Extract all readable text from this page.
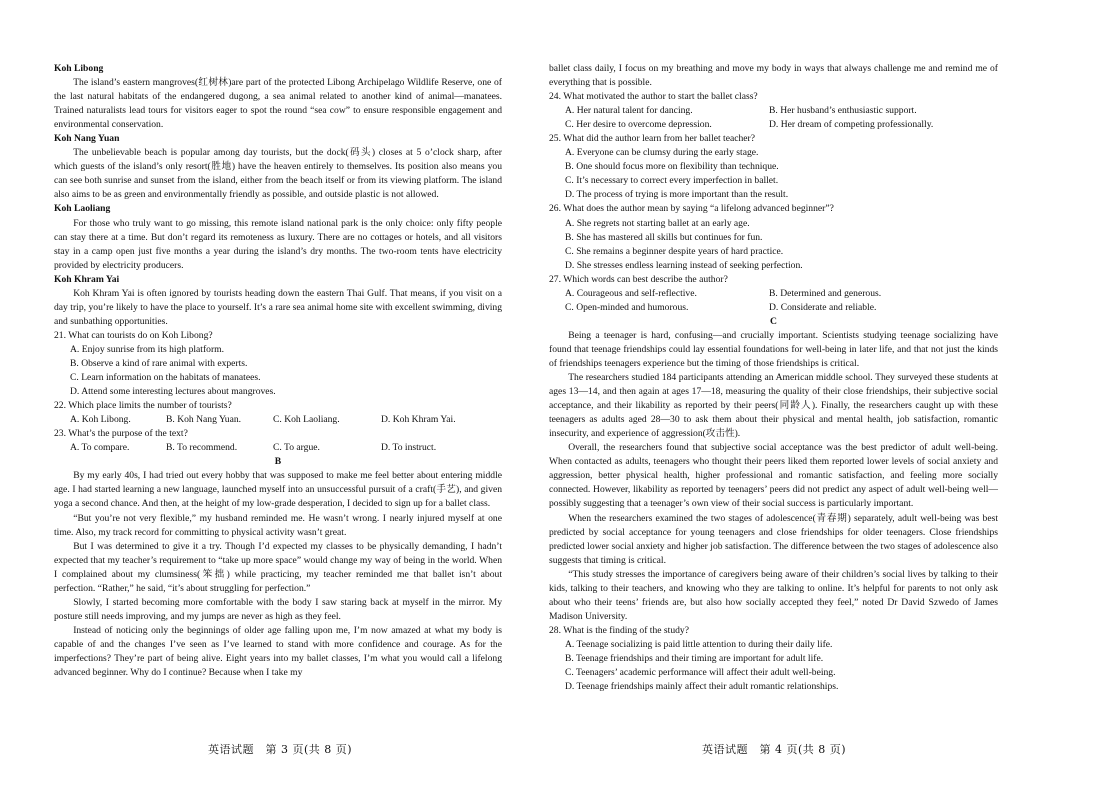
Koh Libong

The island’s eastern mangroves(红树林)are part of the protected Libong Archipelago Wildlife Reserve, one of the last natural habitats of the endangered dugong, a sea animal related to another kind of animal—manatees. Trained naturalists lead tours for visitors eager to spot the round “sea cow” to ensure responsible engagement and environmental conservation.

Koh Nang Yuan

The unbelievable beach is popular among day tourists, but the dock(码头) closes at 5 o’clock sharp, after which guests of the island’s only resort(胜地) have the heaven entirely to themselves. Its position also means you can see both sunrise and sunset from the island, either from the beach itself or from its viewing platform. The island also aims to be as green and environmentally friendly as possible, and outside plastic is not allowed.

Koh Laoliang

For those who truly want to go missing, this remote island national park is the only choice: only fifty people can stay there at a time. But don’t regard its remoteness as luxury. There are no cottages or hotels, and all visitors stay in a camp open just five months a year during the island’s dry months. The two-room tents have electricity provided by electricity producers.

Koh Khram Yai

Koh Khram Yai is often ignored by tourists heading down the eastern Thai Gulf. That means, if you visit on a day trip, you’re likely to have the place to yourself. It’s a rare sea animal home site with excellent swimming, diving and sunbathing opportunities.

21. What can tourists do on Koh Libong?

A. Enjoy sunrise from its high platform.

B. Observe a kind of rare animal with experts.

C. Learn information on the habitats of manatees.

D. Attend some interesting lectures about mangroves.

22. Which place limits the number of tourists?

A. Koh Libong.	B. Koh Nang Yuan.	C. Koh Laoliang.	D. Koh Khram Yai.

23. What’s the purpose of the text?

A. To compare.	B. To recommend.	C. To argue.	D. To instruct.

B

By my early 40s, I had tried out every hobby that was supposed to make me feel better about entering middle age. I had started learning a new language, launched myself into an unsuccessful pursuit of a craft(手艺), and given yoga a second chance. And then, at the height of my low-grade desperation, I decided to sign up for a ballet class.

“But you’re not very flexible,” my husband reminded me. He wasn’t wrong. I nearly injured myself at one time. Also, my track record for committing to physical activity wasn’t great.

But I was determined to give it a try. Though I’d expected my classes to be physically demanding, I hadn’t expected that my teacher’s requirement to “take up more space” would change my way of being in the world. When I complained about my clumsiness(笨拙) while practicing, my teacher reminded me that ballet isn’t about perfection. “Rather,” he said, “it’s about struggling for perfection.”

Slowly, I started becoming more comfortable with the body I saw staring back at myself in the mirror. My posture still needs improving, and my jumps are never as high as they feel.

Instead of noticing only the beginnings of older age falling upon me, I’m now amazed at what my body is capable of and the changes I’ve seen as I’ve learned to stand with more confidence and courage. As for the imperfections? They’re part of being alive. Eight years into my ballet classes, I’m what you would call a lifelong advanced beginner. Why do I continue? Because when I take my

ballet class daily, I focus on my breathing and move my body in ways that always challenge me and remind me of everything that is possible.

24. What motivated the author to start the ballet class?

A. Her natural talent for dancing.	B. Her husband’s enthusiastic support.
C. Her desire to overcome depression.	D. Her dream of competing professionally.

25. What did the author learn from her ballet teacher?

A. Everyone can be clumsy during the early stage.

B. One should focus more on flexibility than technique.

C. It’s necessary to correct every imperfection in ballet.

D. The process of trying is more important than the result.

26. What does the author mean by saying “a lifelong advanced beginner”?

A. She regrets not starting ballet at an early age.

B. She has mastered all skills but continues for fun.

C. She remains a beginner despite years of hard practice.

D. She stresses endless learning instead of seeking perfection.

27. Which words can best describe the author?

A. Courageous and self-reflective.	B. Determined and generous.
C. Open-minded and humorous.	D. Considerate and reliable.

C

Being a teenager is hard, confusing—and crucially important. Scientists studying teenage socializing have found that teenage friendships could lay essential foundations for well-being in later life, and that not just the kinds of friendships teenagers experience but the timing of those friendships is critical.

The researchers studied 184 participants attending an American middle school. They surveyed these students at ages 13—14, and then again at ages 17—18, measuring the quality of their close friendships, their subjective social acceptance, and their likability as reported by their peers(同龄人). Finally, the researchers caught up with these teenagers as adults aged 28—30 to ask them about their physical and mental health, job satisfaction, romantic insecurity, and experience of aggression(攻击性).

Overall, the researchers found that subjective social acceptance was the best predictor of adult well-being. When contacted as adults, teenagers who thought their peers liked them reported lower levels of social anxiety and aggression, better physical health, higher professional and romantic satisfaction, and feeling more socially connected. However, likability as reported by teenagers’ peers did not predict any aspect of adult well-being well—possibly suggesting that a teenager’s own view of their social success is particularly important.

When the researchers examined the two stages of adolescence(青春期) separately, adult well-being was best predicted by social acceptance for young teenagers and close friendships for older teenagers. Close friendships predicted lower social anxiety and higher job satisfaction. The difference between the two stages of adolescence also suggests that timing is critical.

“This study stresses the importance of caregivers being aware of their children’s social lives by talking to their kids, talking to their teachers, and knowing who they are talking to online. It’s helpful for parents to not only ask about who their teens’ friends are, but also how socially accepted they feel,” noted Dr David Szwedo of James Madison University.

28. What is the finding of the study?

A. Teenage socializing is paid little attention to during their daily life.

B. Teenage friendships and their timing are important for adult life.

C. Teenagers’ academic performance will affect their adult well-being.

D. Teenage friendships mainly affect their adult romantic relationships.

英语试题　第 3 页(共 8 页)	英语试题　第 4 页(共 8 页)
